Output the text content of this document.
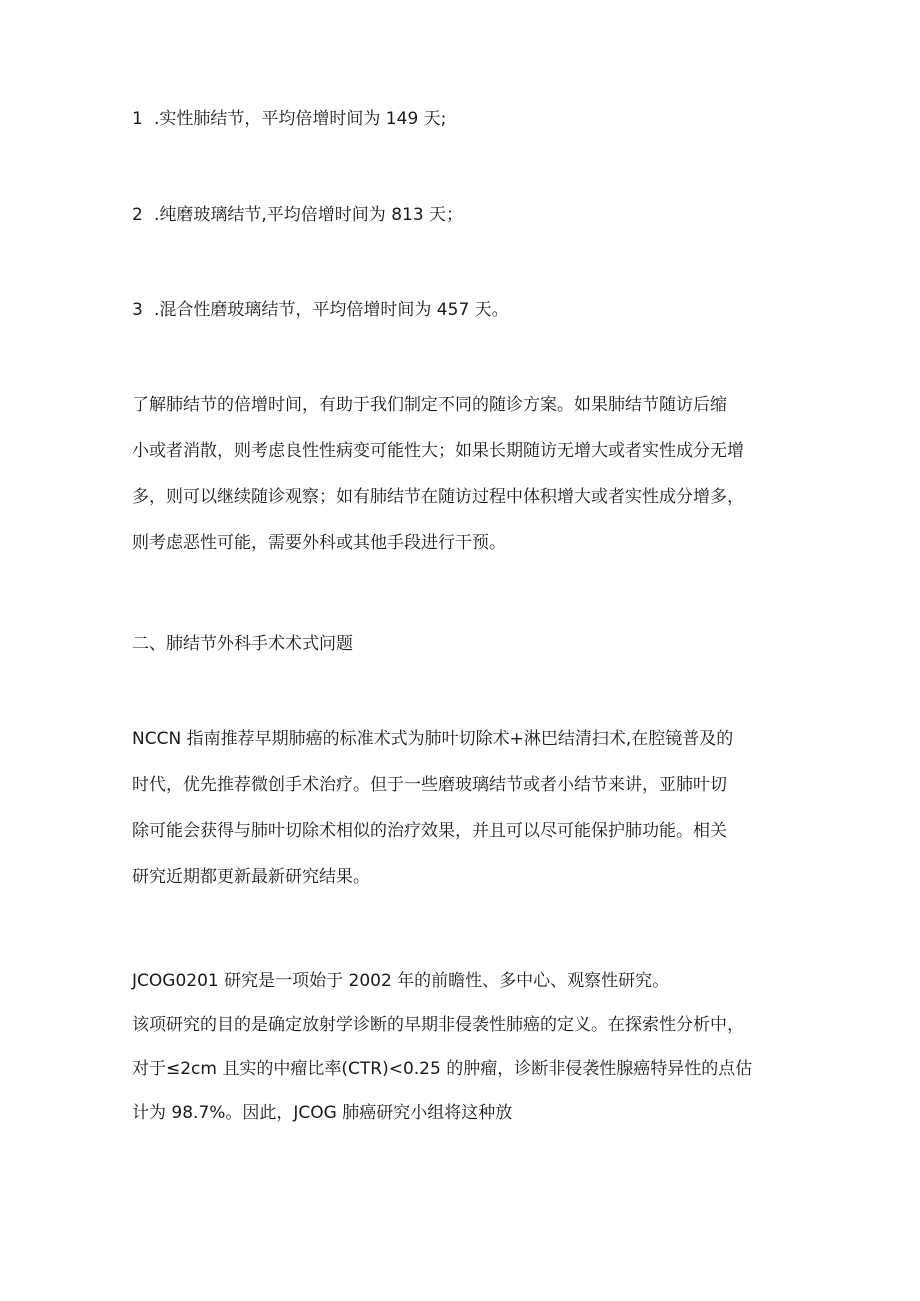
1 .实性肺结节，平均倍增时间为 149 天;
2 .纯磨玻璃结节,平均倍增时间为 813 天；
3 .混合性磨玻璃结节，平均倍增时间为 457 天。
了解肺结节的倍增时间，有助于我们制定不同的随诊方案。如果肺结节随访后缩
小或者消散，则考虑良性性病变可能性大；如果长期随访无增大或者实性成分无增
多，则可以继续随诊观察；如有肺结节在随访过程中体积增大或者实性成分增多，
则考虑恶性可能，需要外科或其他手段进行干预。
二、肺结节外科手术术式问题
NCCN 指南推荐早期肺癌的标准术式为肺叶切除术+淋巴结清扫术,在腔镜普及的
时代，优先推荐微创手术治疗。但于一些磨玻璃结节或者小结节来讲，亚肺叶切
除可能会获得与肺叶切除术相似的治疗效果，并且可以尽可能保护肺功能。相关
研究近期都更新最新研究结果。
JCOG0201 研究是一项始于 2002 年的前瞻性、多中心、观察性研究。
该项研究的目的是确定放射学诊断的早期非侵袭性肺癌的定义。在探索性分析中，
对于≤2cm 且实的中瘤比率(CTR)<0.25 的肿瘤，诊断非侵袭性腺癌特异性的点估
计为 98.7%。因此，JCOG 肺癌研究小组将这种放
